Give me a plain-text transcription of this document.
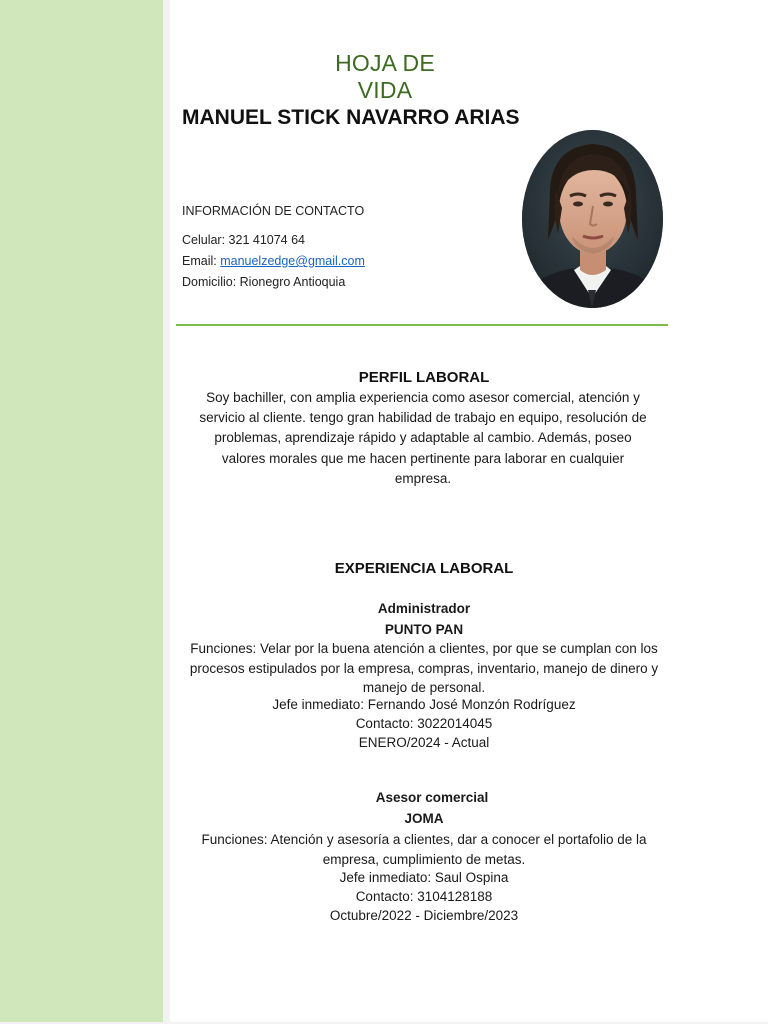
HOJA DE VIDA
MANUEL STICK NAVARRO ARIAS
INFORMACIÓN DE CONTACTO
Celular: 321 41074 64
Email: manuelzedge@gmail.com
Domicilio: Rionegro Antioquia
PERFIL LABORAL
Soy bachiller, con amplia experiencia como asesor comercial, atención y servicio al cliente. tengo gran habilidad de trabajo en equipo, resolución de problemas, aprendizaje rápido y adaptable al cambio. Además, poseo valores morales que me hacen pertinente para laborar en cualquier empresa.
EXPERIENCIA LABORAL
Administrador
PUNTO PAN
Funciones: Velar por la buena atención a clientes, por que se cumplan con los procesos estipulados por la empresa, compras, inventario, manejo de dinero y manejo de personal.
Jefe inmediato: Fernando José Monzón Rodríguez
Contacto: 3022014045
ENERO/2024 - Actual
Asesor comercial
JOMA
Funciones: Atención y asesoría a clientes, dar a conocer el portafolio de la empresa, cumplimiento de metas.
Jefe inmediato: Saul Ospina
Contacto: 3104128188
Octubre/2022 - Diciembre/2023
